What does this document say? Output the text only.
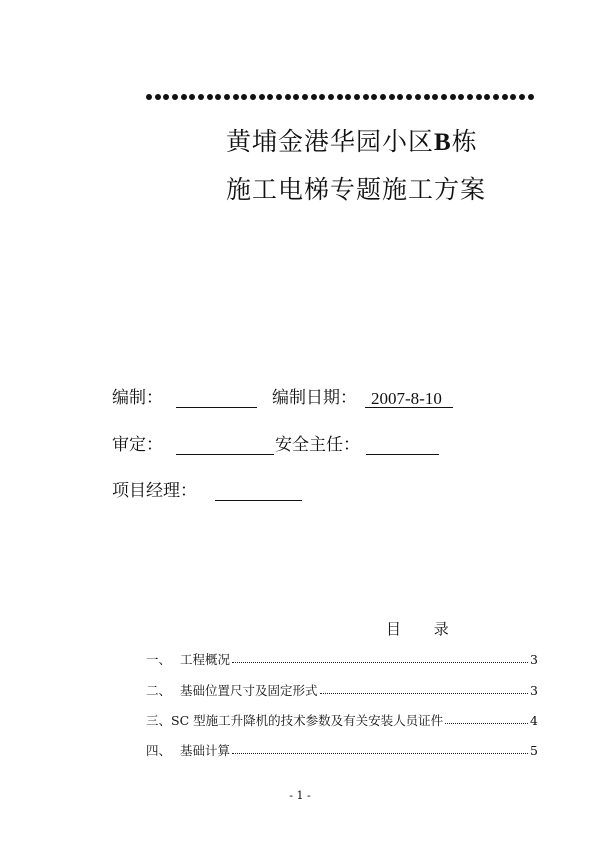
黄埔金港华园小区B栋
施工电梯专题施工方案
编制：	编制日期： 2007-8-10
审定：	安全主任：
项目经理：
目 录
一、 工程概况	3
二、 基础位置尺寸及固定形式	3
三、 SC 型施工升降机的技术参数及有关安装人员证件	4
四、 基础计算	5
- 1 -
